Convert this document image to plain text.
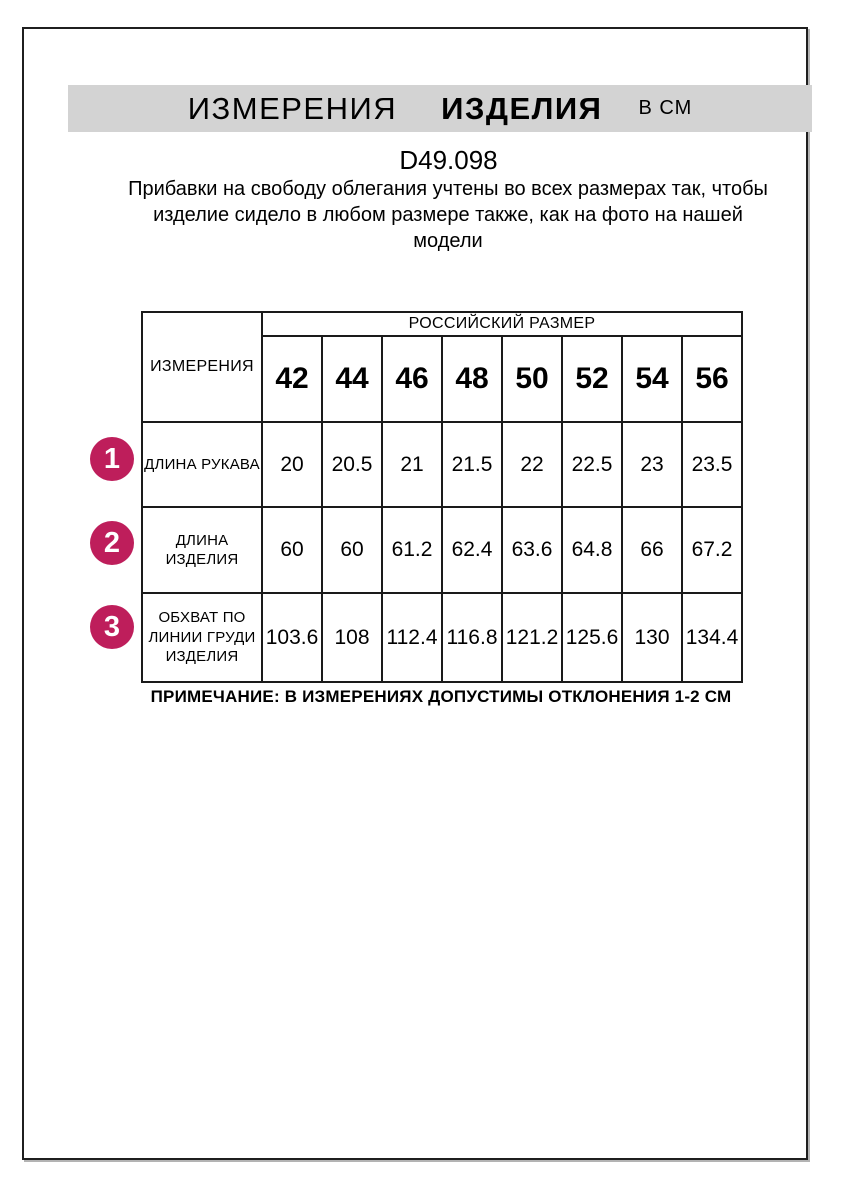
ИЗМЕРЕНИЯ ИЗДЕЛИЯ В СМ
D49.098
Прибавки на свободу облегания учтены во всех размерах так, чтобы изделие сидело в любом размере также, как на фото на нашей модели
1
2
3
ИЗМЕРЕНИЯ	РОССИЙСКИЙ РАЗМЕР							
	42	44	46	48	50	52	54	56
ДЛИНА РУКАВА	20	20.5	21	21.5	22	22.5	23	23.5
ДЛИНА ИЗДЕЛИЯ	60	60	61.2	62.4	63.6	64.8	66	67.2
ОБХВАТ ПО ЛИНИИ ГРУДИ ИЗДЕЛИЯ	103.6	108	112.4	116.8	121.2	125.6	130	134.4
ПРИМЕЧАНИЕ: В ИЗМЕРЕНИЯХ ДОПУСТИМЫ ОТКЛОНЕНИЯ 1-2 СМ
